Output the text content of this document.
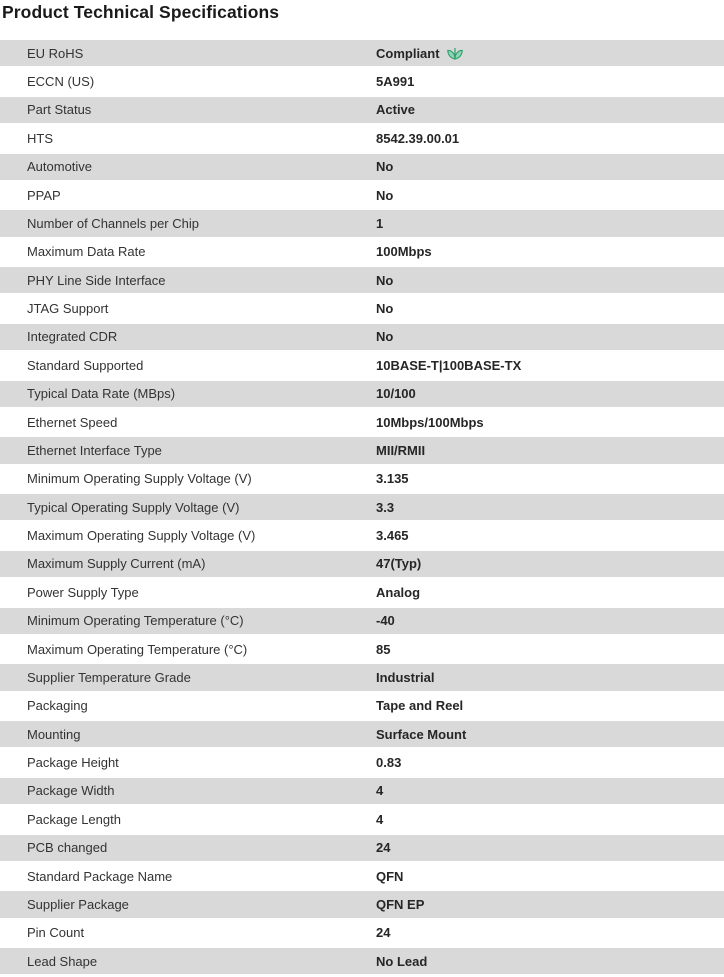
Product Technical Specifications
EU RoHS	Compliant
ECCN (US)	5A991
Part Status	Active
HTS	8542.39.00.01
Automotive	No
PPAP	No
Number of Channels per Chip	1
Maximum Data Rate	100Mbps
PHY Line Side Interface	No
JTAG Support	No
Integrated CDR	No
Standard Supported	10BASE-T|100BASE-TX
Typical Data Rate (MBps)	10/100
Ethernet Speed	10Mbps/100Mbps
Ethernet Interface Type	MII/RMII
Minimum Operating Supply Voltage (V)	3.135
Typical Operating Supply Voltage (V)	3.3
Maximum Operating Supply Voltage (V)	3.465
Maximum Supply Current (mA)	47(Typ)
Power Supply Type	Analog
Minimum Operating Temperature (°C)	-40
Maximum Operating Temperature (°C)	85
Supplier Temperature Grade	Industrial
Packaging	Tape and Reel
Mounting	Surface Mount
Package Height	0.83
Package Width	4
Package Length	4
PCB changed	24
Standard Package Name	QFN
Supplier Package	QFN EP
Pin Count	24
Lead Shape	No Lead
